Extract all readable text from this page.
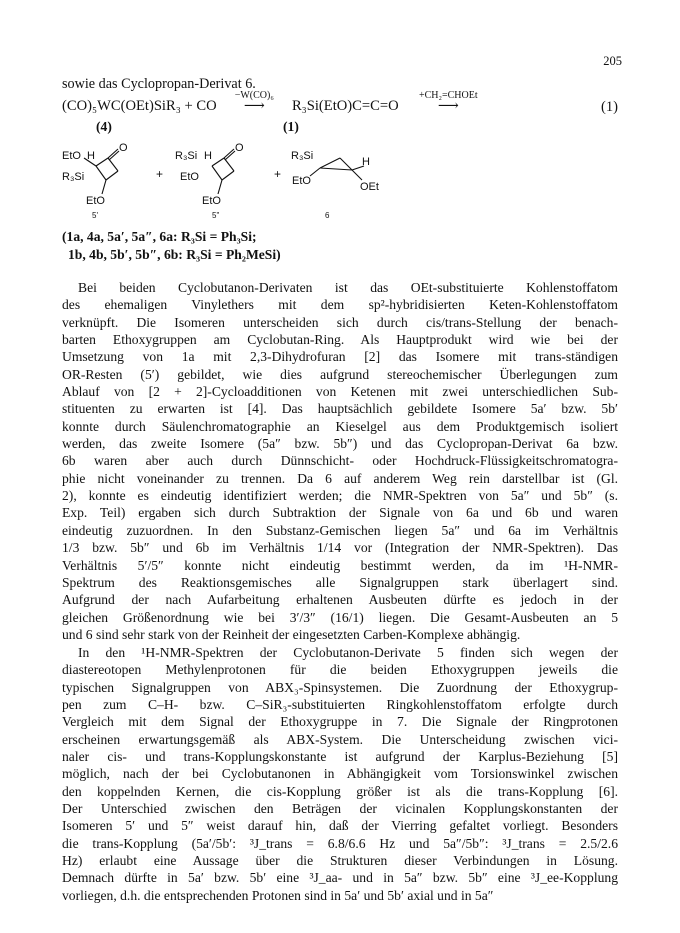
205
sowie das Cyclopropan-Derivat 6.
(CO)₅WC(OEt)SiR₃ + CO
−W(CO)₆
⟶ R₃Si(EtO)C=C=O
+CH₂=CHOEt
⟶	(1)
(4)	(1)
EtO H
O
R₃Si
EtO
5'
+
R₃Si H
O
EtO
EtO
5"
+
R₃Si	H
EtO	OEt
6
(1a, 4a, 5a′, 5a″, 6a: R₃Si = Ph₃Si;
1b, 4b, 5b′, 5b″, 6b: R₃Si = Ph₂MeSi)
Bei beiden Cyclobutanon-Derivaten ist das OEt-substituierte Kohlenstoffatom
des ehemaligen Vinylethers mit dem sp²-hybridisierten Keten-Kohlenstoffatom
verknüpft. Die Isomeren unterscheiden sich durch cis/trans-Stellung der benach-
barten Ethoxygruppen am Cyclobutan-Ring. Als Hauptprodukt wird wie bei der
Umsetzung von 1a mit 2,3-Dihydrofuran [2] das Isomere mit trans-ständigen
OR-Resten (5′) gebildet, wie dies aufgrund stereochemischer Überlegungen zum
Ablauf von [2 + 2]-Cycloadditionen von Ketenen mit zwei unterschiedlichen Sub-
stituenten zu erwarten ist [4]. Das hauptsächlich gebildete Isomere 5a′ bzw. 5b′
konnte durch Säulenchromatographie an Kieselgel aus dem Produktgemisch isoliert
werden, das zweite Isomere (5a″ bzw. 5b″) und das Cyclopropan-Derivat 6a bzw.
6b waren aber auch durch Dünnschicht- oder Hochdruck-Flüssigkeitschromatogra-
phie nicht voneinander zu trennen. Da 6 auf anderem Weg rein darstellbar ist (Gl.
2), konnte es eindeutig identifiziert werden; die NMR-Spektren von 5a″ und 5b″ (s.
Exp. Teil) ergaben sich durch Subtraktion der Signale von 6a und 6b und waren
eindeutig zuzuordnen. In den Substanz-Gemischen liegen 5a″ und 6a im Verhältnis
1/3 bzw. 5b″ und 6b im Verhältnis 1/14 vor (Integration der NMR-Spektren). Das
Verhältnis 5′/5″ konnte nicht eindeutig bestimmt werden, da im ¹H-NMR-
Spektrum des Reaktionsgemisches alle Signalgruppen stark überlagert sind.
Aufgrund der nach Aufarbeitung erhaltenen Ausbeuten dürfte es jedoch in der
gleichen Größenordnung wie bei 3′/3″ (16/1) liegen. Die Gesamt-Ausbeuten an 5
und 6 sind sehr stark von der Reinheit der eingesetzten Carben-Komplexe abhängig.
In den ¹H-NMR-Spektren der Cyclobutanon-Derivate 5 finden sich wegen der
diastereotopen Methylenprotonen für die beiden Ethoxygruppen jeweils die
typischen Signalgruppen von ABX₃-Spinsystemen. Die Zuordnung der Ethoxygrup-
pen zum C–H- bzw. C–SiR₃-substituierten Ringkohlenstoffatom erfolgte durch
Vergleich mit dem Signal der Ethoxygruppe in 7. Die Signale der Ringprotonen
erscheinen erwartungsgemäß als ABX-System. Die Unterscheidung zwischen vici-
naler cis- und trans-Kopplungskonstante ist aufgrund der Karplus-Beziehung [5]
möglich, nach der bei Cyclobutanonen in Abhängigkeit vom Torsionswinkel zwischen
den koppelnden Kernen, die cis-Kopplung größer ist als die trans-Kopplung [6].
Der Unterschied zwischen den Beträgen der vicinalen Kopplungskonstanten der
Isomeren 5′ und 5″ weist darauf hin, daß der Vierring gefaltet vorliegt. Besonders
die trans-Kopplung (5a′/5b′: ³J_trans = 6.8/6.6 Hz und 5a″/5b″: ³J_trans = 2.5/2.6
Hz) erlaubt eine Aussage über die Strukturen dieser Verbindungen in Lösung.
Demnach dürfte in 5a′ bzw. 5b′ eine ³J_aa- und in 5a″ bzw. 5b″ eine ³J_ee-Kopplung
vorliegen, d.h. die entsprechenden Protonen sind in 5a′ und 5b′ axial und in 5a″
